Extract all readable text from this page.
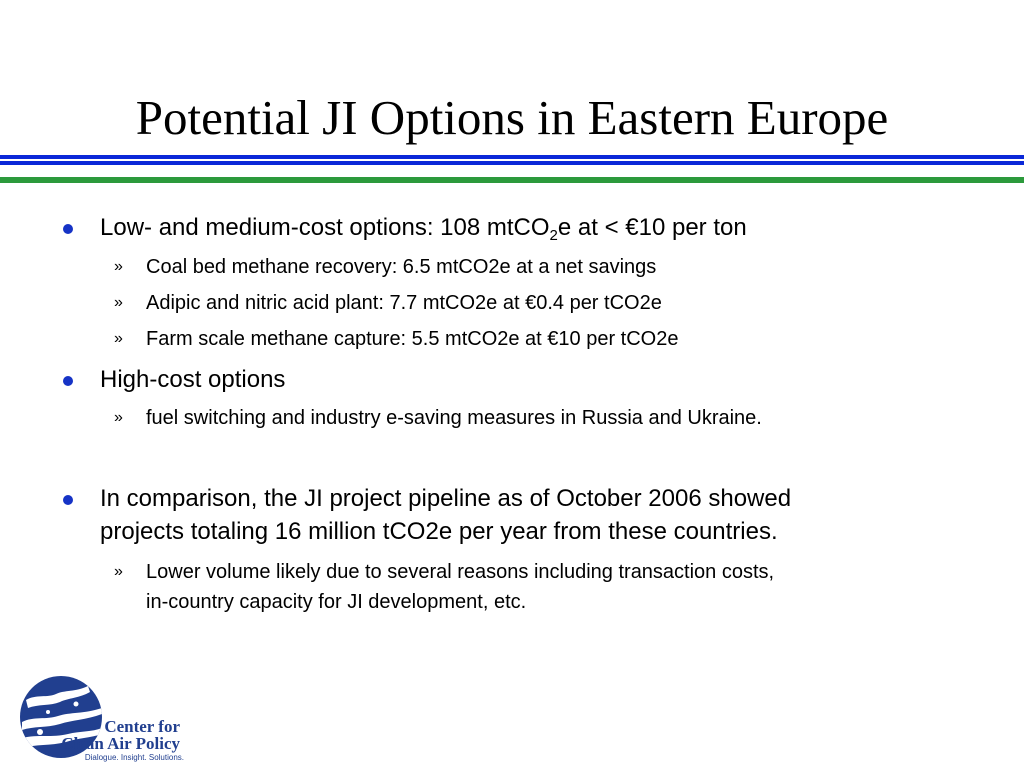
Potential JI Options in Eastern Europe
Low- and medium-cost options: 108 mtCO$_2$e at < €10 per ton
» Coal bed methane recovery: 6.5 mtCO2e at a net savings
» Adipic and nitric acid plant: 7.7 mtCO2e at €0.4 per tCO2e
» Farm scale methane capture: 5.5 mtCO2e at €10 per tCO2e
High-cost options
» fuel switching and industry e-saving measures in Russia and Ukraine.
In comparison, the JI project pipeline as of October 2006 showed
projects totaling 16 million tCO2e per year from these countries.
» Lower volume likely due to several reasons including transaction costs,
in-country capacity for JI development, etc.
Center for
Clean Air Policy
Dialogue. Insight. Solutions.
